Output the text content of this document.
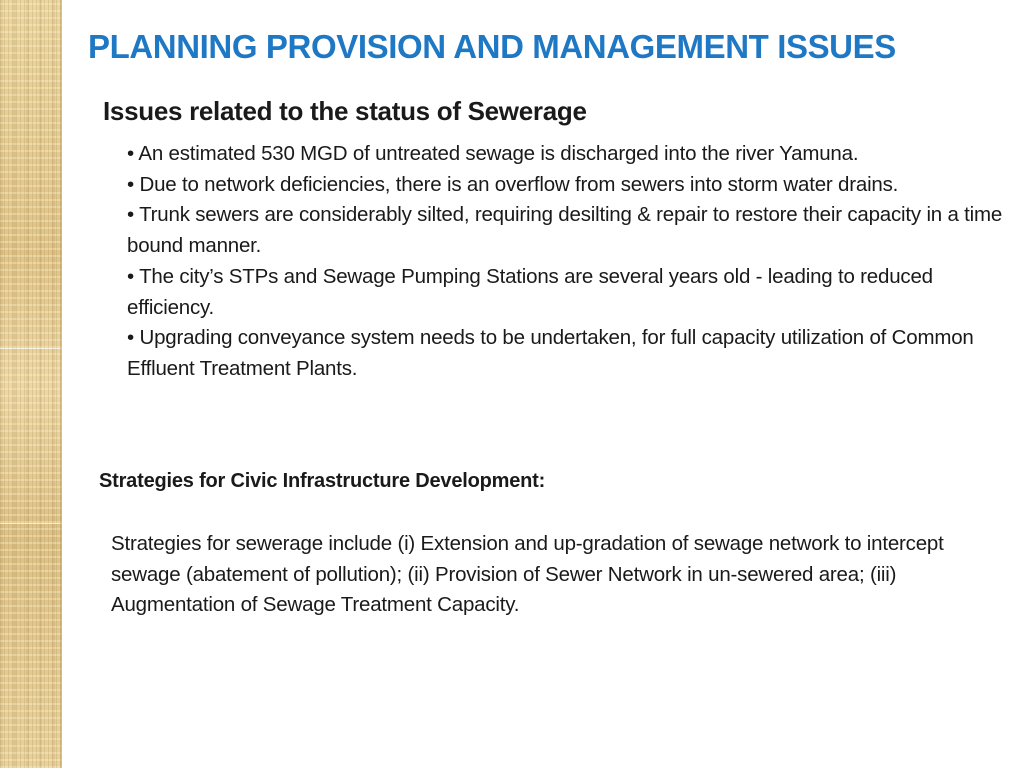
PLANNING PROVISION AND MANAGEMENT ISSUES
Issues related to the status of Sewerage
• An estimated 530 MGD of untreated sewage is discharged into the river Yamuna.
• Due to network deficiencies, there is an overflow from sewers into storm water drains.
• Trunk sewers are considerably silted, requiring desilting & repair to restore their capacity in a time bound manner.
• The city’s STPs and Sewage Pumping Stations are several years old - leading to reduced efficiency.
• Upgrading conveyance system needs to be undertaken, for full capacity utilization of Common Effluent Treatment Plants.
Strategies for Civic Infrastructure Development:

Strategies for sewerage include (i) Extension and up-gradation of sewage network to intercept sewage (abatement of pollution); (ii) Provision of Sewer Network in un-sewered area; (iii) Augmentation of Sewage Treatment Capacity.
